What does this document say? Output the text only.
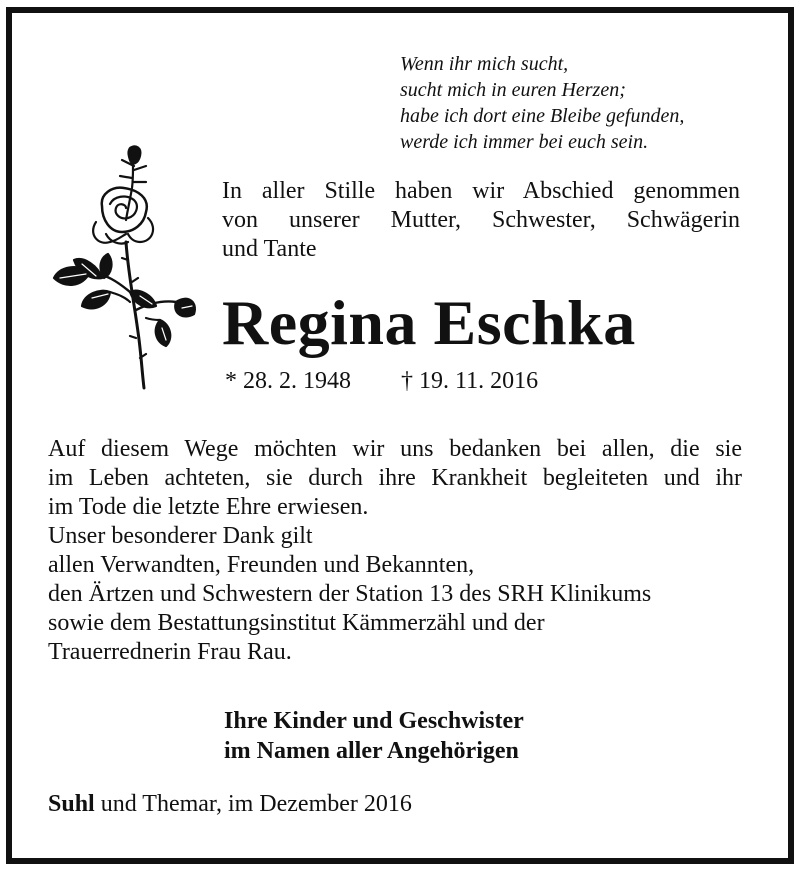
Wenn ihr mich sucht,
sucht mich in euren Herzen;
habe ich dort eine Bleibe gefunden,
werde ich immer bei euch sein.
In aller Stille haben wir Abschied genommen
von unserer Mutter, Schwester, Schwägerin
und Tante
Regina Eschka
* 28. 2. 1948 † 19. 11. 2016
Auf diesem Wege möchten wir uns bedanken bei allen, die sie
im Leben achteten, sie durch ihre Krankheit begleiteten und ihr
im Tode die letzte Ehre erwiesen.
Unser besonderer Dank gilt
allen Verwandten, Freunden und Bekannten,
den Ärtzen und Schwestern der Station 13 des SRH Klinikums
sowie dem Bestattungsinstitut Kämmerzähl und der
Trauerrednerin Frau Rau.
Ihre Kinder und Geschwister
im Namen aller Angehörigen
Suhl und Themar, im Dezember 2016
